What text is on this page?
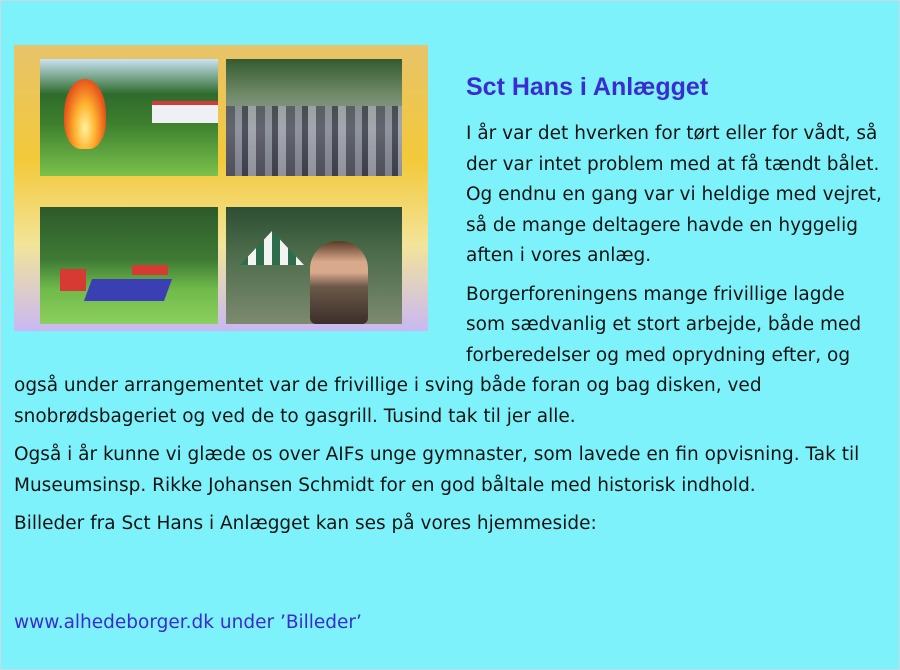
Sct Hans i Anlægget

I år var det hverken for tørt eller for vådt, så der var intet problem med at få tændt bålet. Og endnu en gang var vi heldige med vejret, så de mange deltagere havde en hyggelig aften i vores anlæg.

Borgerforeningens mange frivillige lagde som sædvanlig et stort arbejde, både med forberedelser og med oprydning efter, og også under arrangementet var de frivillige i sving både foran og bag disken, ved snobrødsbageriet og ved de to gasgrill. Tusind tak til jer alle.

Også i år kunne vi glæde os over AIFs unge gymnaster, som lavede en fin opvisning. Tak til Museumsinsp. Rikke Johansen Schmidt for en god båltale med historisk indhold.

Billeder fra Sct Hans i Anlægget kan ses på vores hjemmeside:

www.alhedeborger.dk under ’Billeder’
